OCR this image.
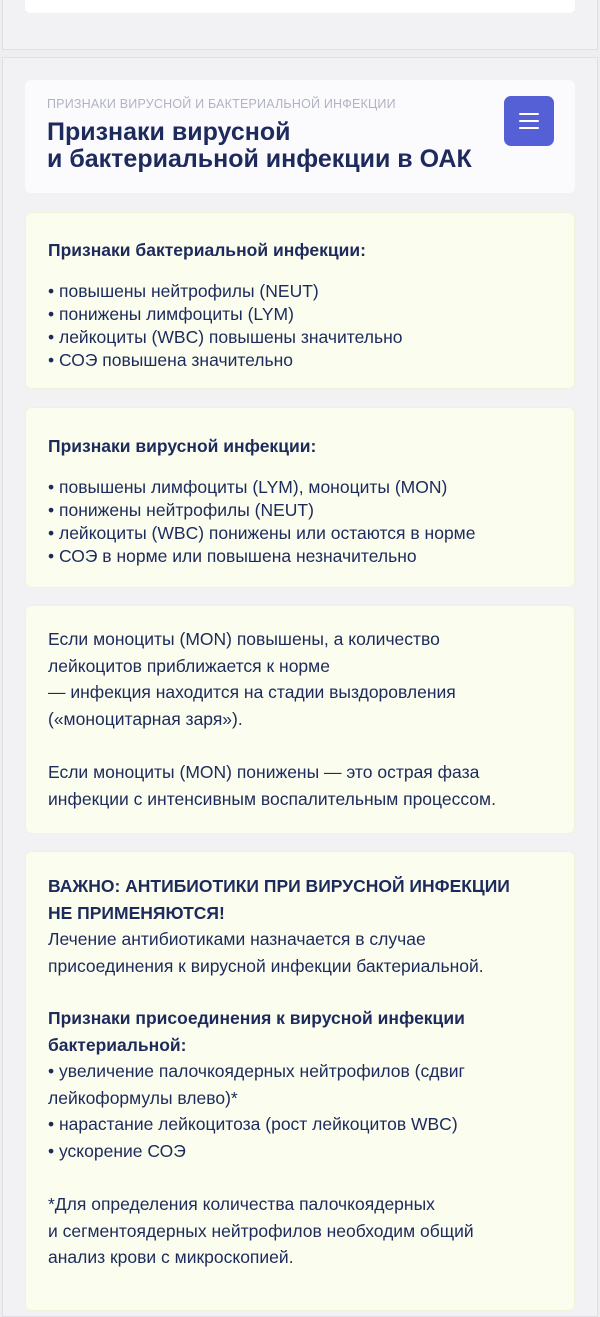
ПРИЗНАКИ ВИРУСНОЙ И БАКТЕРИАЛЬНОЙ ИНФЕКЦИИ
Признаки вирусной
и бактериальной инфекции в ОАК

Признаки бактериальной инфекции:

• повышены нейтрофилы (NEUT)

• понижены лимфоциты (LYM)

• лейкоциты (WBC) повышены значительно

• СОЭ повышена значительно

Признаки вирусной инфекции:

• повышены лимфоциты (LYM), моноциты (MON)

• понижены нейтрофилы (NEUT)

• лейкоциты (WBC) понижены или остаются в норме

• СОЭ в норме или повышена незначительно

Если моноциты (MON) повышены, а количество

лейкоцитов приближается к норме

— инфекция находится на стадии выздоровления

(«моноцитарная заря»).

Если моноциты (MON) понижены — это острая фаза

инфекции с интенсивным воспалительным процессом.

ВАЖНО: АНТИБИОТИКИ ПРИ ВИРУСНОЙ ИНФЕКЦИИ

НЕ ПРИМЕНЯЮТСЯ!

Лечение антибиотиками назначается в случае

присоединения к вирусной инфекции бактериальной.

Признаки присоединения к вирусной инфекции

бактериальной:

• увеличение палочкоядерных нейтрофилов (сдвиг

лейкоформулы влево)*

• нарастание лейкоцитоза (рост лейкоцитов WBC)

• ускорение СОЭ

*Для определения количества палочкоядерных

и сегментоядерных нейтрофилов необходим общий

анализ крови с микроскопией.
